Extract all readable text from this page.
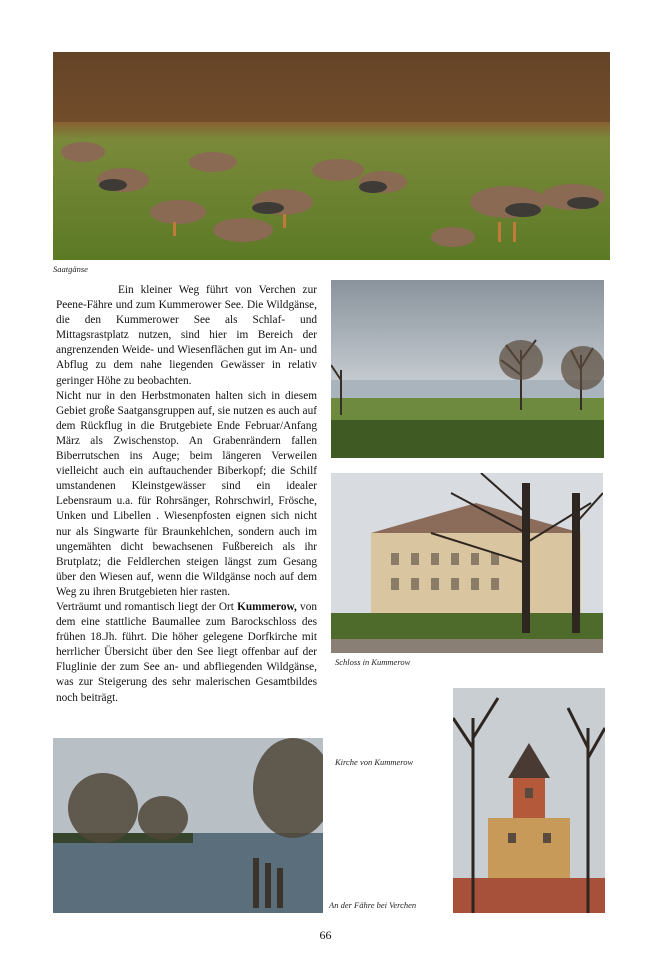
Saatgänse
Schloss in Kummerow
Kirche von Kummerow
An der Fähre bei Verchen

Ein kleiner Weg führt von Verchen zur Peene-Fähre und zum Kummerower See. Die Wildgänse, die den Kummerower See als Schlaf- und Mittagsrastplatz nutzen, sind hier im Bereich der angrenzenden Weide- und Wiesenflächen gut im An- und Abflug zu dem nahe liegenden Gewässer in relativ geringer Höhe zu beobachten.

Nicht nur in den Herbstmonaten halten sich in diesem Gebiet große Saatgansgruppen auf, sie nutzen es auch auf dem Rückflug in die Brutgebiete Ende Februar/Anfang März als Zwischenstop. An Grabenrändern fallen Biberrutschen ins Auge; beim längeren Verweilen vielleicht auch ein auftauchender Biberkopf; die Schilf umstandenen Kleinstgewässer sind ein idealer Lebensraum u.a. für Rohrsänger, Rohrschwirl, Frösche, Unken und Libellen . Wiesenpfosten eignen sich nicht nur als Singwarte für Braunkehlchen, sondern auch im ungemähten dicht bewachsenen Fußbereich als ihr Brutplatz; die Feldlerchen steigen längst zum Gesang über den Wiesen auf, wenn die Wildgänse noch auf dem Weg zu ihren Brutgebieten hier rasten.

Verträumt und romantisch liegt der Ort Kummerow, von dem eine stattliche Baumallee zum Barockschloss des frühen 18.Jh. führt. Die höher gelegene Dorfkirche mit herrlicher Übersicht über den See liegt offenbar auf der Fluglinie der zum See an- und abfliegenden Wildgänse, was zur Steigerung des sehr malerischen Gesamtbildes noch beiträgt.

66
